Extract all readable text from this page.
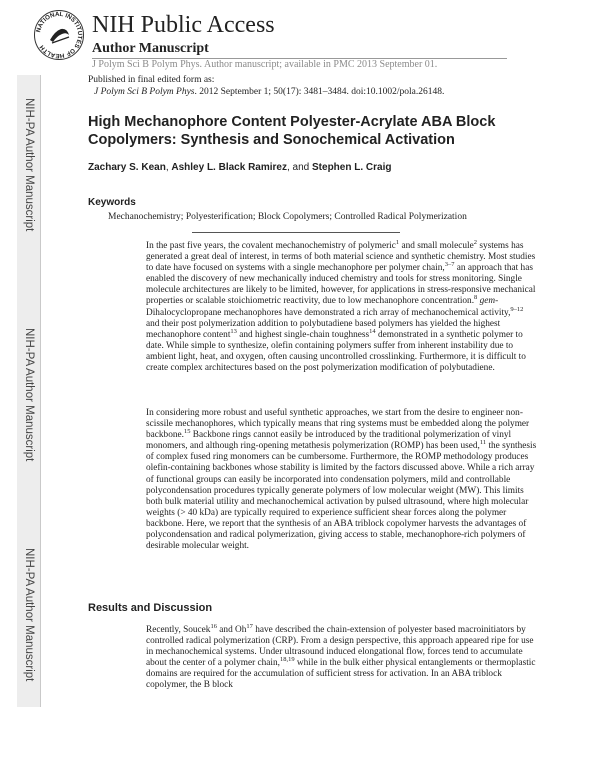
NATIONAL INSTITUTES OF HEALTH
NIH Public Access
Author Manuscript
J Polym Sci B Polym Phys. Author manuscript; available in PMC 2013 September 01.
NIH-PA Author Manuscript
NIH-PA Author Manuscript
NIH-PA Author Manuscript
Published in final edited form as:
J Polym Sci B Polym Phys. 2012 September 1; 50(17): 3481–3484. doi:10.1002/pola.26148.
High Mechanophore Content Polyester-Acrylate ABA Block Copolymers: Synthesis and Sonochemical Activation
Zachary S. Kean, Ashley L. Black Ramirez, and Stephen L. Craig
Keywords
Mechanochemistry; Polyesterification; Block Copolymers; Controlled Radical Polymerization

In the past five years, the covalent mechanochemistry of polymeric$^1$ and small molecule$^2$ systems has generated a great deal of interest, in terms of both material science and synthetic chemistry. Most studies to date have focused on systems with a single mechanophore per polymer chain,$^{3-7}$ an approach that has enabled the discovery of new mechanically induced chemistry and tools for stress monitoring. Single molecule architectures are likely to be limited, however, for applications in stress-responsive mechanical properties or scalable stoichiometric reactivity, due to low mechanophore concentration.$^8$ gem-Dihalocyclopropane mechanophores have demonstrated a rich array of mechanochemical activity,$^{9-12}$ and their post polymerization addition to polybutadiene based polymers has yielded the highest mechanophore content$^{13}$ and highest single-chain toughness$^{14}$ demonstrated in a synthetic polymer to date. While simple to synthesize, olefin containing polymers suffer from inherent instability due to ambient light, heat, and oxygen, often causing uncontrolled crosslinking. Furthermore, it is difficult to create complex architectures based on the post polymerization modification of polybutadiene.

In considering more robust and useful synthetic approaches, we start from the desire to engineer non-scissile mechanophores, which typically means that ring systems must be embedded along the polymer backbone.$^{15}$ Backbone rings cannot easily be introduced by the traditional polymerization of vinyl monomers, and although ring-opening metathesis polymerization (ROMP) has been used,$^{11}$ the synthesis of complex fused ring monomers can be cumbersome. Furthermore, the ROMP methodology produces olefin-containing backbones whose stability is limited by the factors discussed above. While a rich array of functional groups can easily be incorporated into condensation polymers, mild and controllable polycondensation procedures typically generate polymers of low molecular weight (MW). This limits both bulk material utility and mechanochemical activation by pulsed ultrasound, where high molecular weights (> 40 kDa) are typically required to experience sufficient shear forces along the polymer backbone. Here, we report that the synthesis of an ABA triblock copolymer harvests the advantages of polycondensation and radical polymerization, giving access to stable, mechanophore-rich polymers of desirable molecular weight.

Results and Discussion

Recently, Soucek$^{16}$ and Oh$^{17}$ have described the chain-extension of polyester based macroinitiators by controlled radical polymerization (CRP). From a design perspective, this approach appeared ripe for use in mechanochemical systems. Under ultrasound induced elongational flow, forces tend to accumulate about the center of a polymer chain,$^{18,19}$ while in the bulk either physical entanglements or thermoplastic domains are required for the accumulation of sufficient stress for activation. In an ABA triblock copolymer, the B block
